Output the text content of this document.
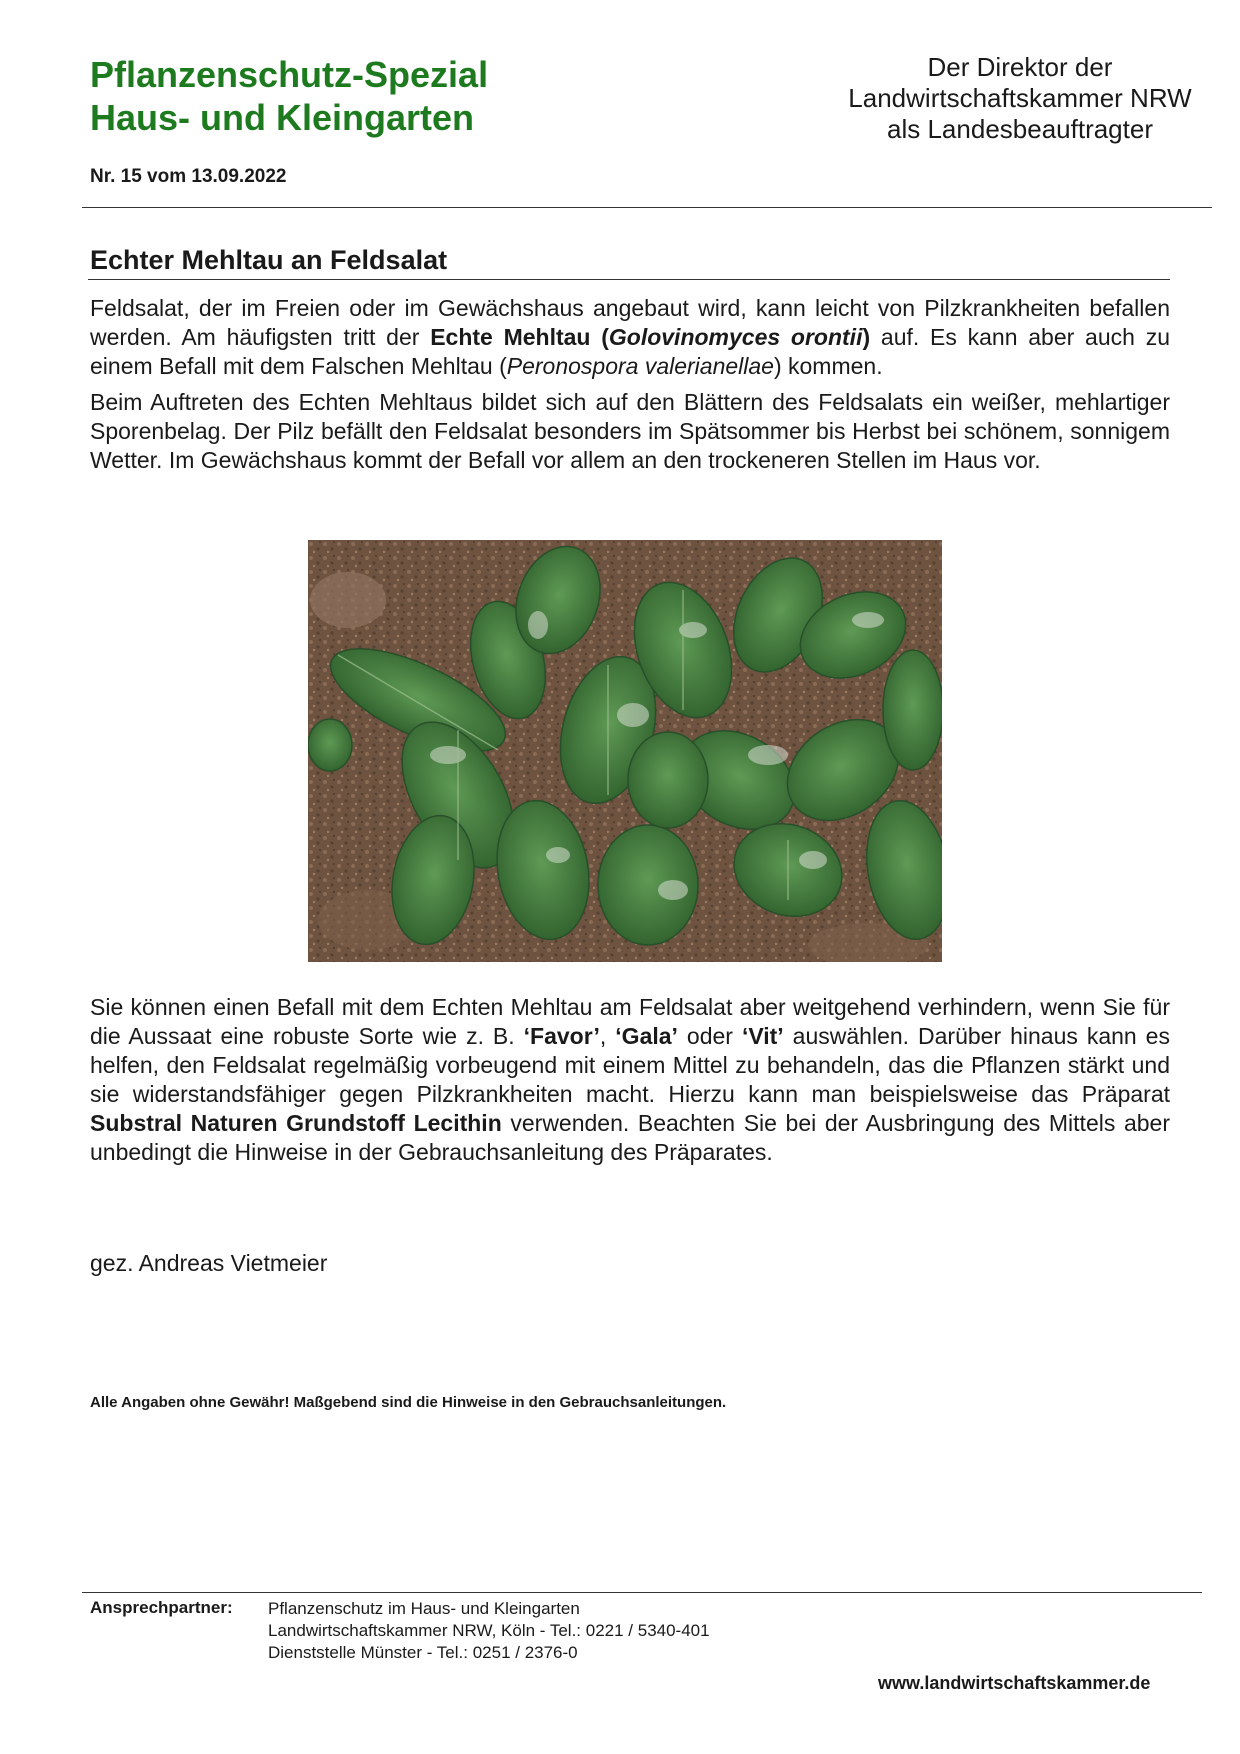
Pflanzenschutz-Spezial
Haus- und Kleingarten
Nr. 15 vom 13.09.2022
Der Direktor der
Landwirtschaftskammer NRW
als Landesbeauftragter
Echter Mehltau an Feldsalat

Feldsalat, der im Freien oder im Gewächshaus angebaut wird, kann leicht von Pilzkrankheiten befallen werden. Am häufigsten tritt der Echte Mehltau (Golovinomyces orontii) auf. Es kann aber auch zu einem Befall mit dem Falschen Mehltau (Peronospora valerianellae) kommen.

Beim Auftreten des Echten Mehltaus bildet sich auf den Blättern des Feldsalats ein weißer, mehlartiger Sporenbelag. Der Pilz befällt den Feldsalat besonders im Spätsommer bis Herbst bei schönem, sonnigem Wetter. Im Gewächshaus kommt der Befall vor allem an den trockeneren Stellen im Haus vor.

Sie können einen Befall mit dem Echten Mehltau am Feldsalat aber weitgehend verhindern, wenn Sie für die Aussaat eine robuste Sorte wie z. B. ‘Favor’, ‘Gala’ oder ‘Vit’ auswählen. Darüber hinaus kann es helfen, den Feldsalat regelmäßig vorbeugend mit einem Mittel zu behandeln, das die Pflanzen stärkt und sie widerstandsfähiger gegen Pilzkrankheiten macht. Hierzu kann man beispielsweise das Präparat Substral Naturen Grundstoff Lecithin verwenden. Beachten Sie bei der Ausbringung des Mittels aber unbedingt die Hinweise in der Gebrauchsanleitung des Präparates.

gez. Andreas Vietmeier
Alle Angaben ohne Gewähr! Maßgebend sind die Hinweise in den Gebrauchsanleitungen.
Ansprechpartner: Pflanzenschutz im Haus- und Kleingarten
Landwirtschaftskammer NRW, Köln - Tel.: 0221 / 5340-401
Dienststelle Münster - Tel.: 0251 / 2376-0
www.landwirtschaftskammer.de
